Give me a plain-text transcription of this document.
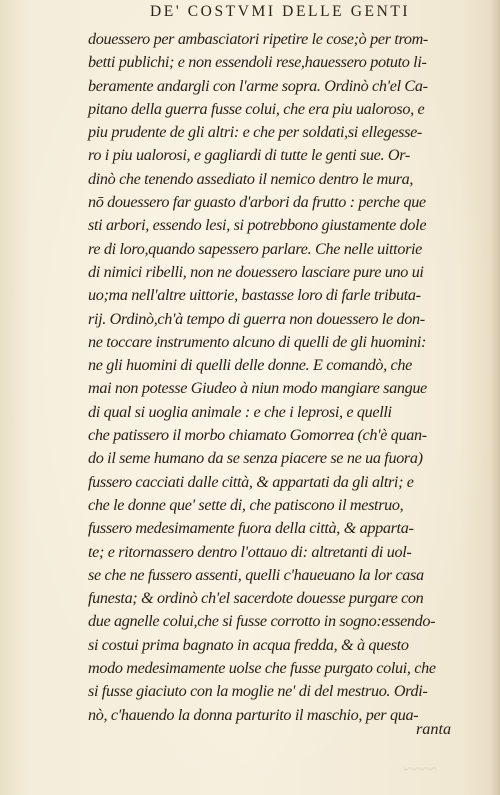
DE' COSTVMI DELLE GENTI
douessero per ambasciatori ripetire le cose;ò per trom-
betti publichi; e non essendoli rese,hauessero potuto li-
beramente andargli con l'arme sopra. Ordinò ch'el Ca-
pitano della guerra fusse colui, che era piu ualoroso, e
piu prudente de gli altri: e che per soldati,si ellegesse-
ro i piu ualorosi, e gagliardi di tutte le genti sue. Or-
dinò che tenendo assediato il nemico dentro le mura,
nō douessero far guasto d'arbori da frutto : perche que
sti arbori, essendo lesi, si potrebbono giustamente dole
re di loro,quando sapessero parlare. Che nelle uittorie
di nimici ribelli, non ne douessero lasciare pure uno ui
uo;ma nell'altre uittorie, bastasse loro di farle tributa-
rij. Ordinò,ch'à tempo di guerra non douessero le don-
ne toccare instrumento alcuno di quelli de gli huomini:
ne gli huomini di quelli delle donne. E comandò, che
mai non potesse Giudeo à niun modo mangiare sangue
di qual si uoglia animale : e che i leprosi, e quelli
che patissero il morbo chiamato Gomorrea (ch'è quan-
do il seme humano da se senza piacere se ne ua fuora)
fussero cacciati dalle città, & appartati da gli altri; e
che le donne que' sette di, che patiscono il mestruo,
fussero medesimamente fuora della città, & apparta-
te; e ritornassero dentro l'ottauo di: altretanti di uol-
se che ne fussero assenti, quelli c'haueuano la lor casa
funesta; & ordinò ch'el sacerdote douesse purgare con
due agnelle colui,che si fusse corrotto in sogno:essendo-
si costui prima bagnato in acqua fredda, & à questo
modo medesimamente uolse che fusse purgato colui, che
si fusse giaciuto con la moglie ne' di del mestruo. Ordi-
nò, c'hauendo la donna parturito il maschio, per qua-
ranta
~~~~
